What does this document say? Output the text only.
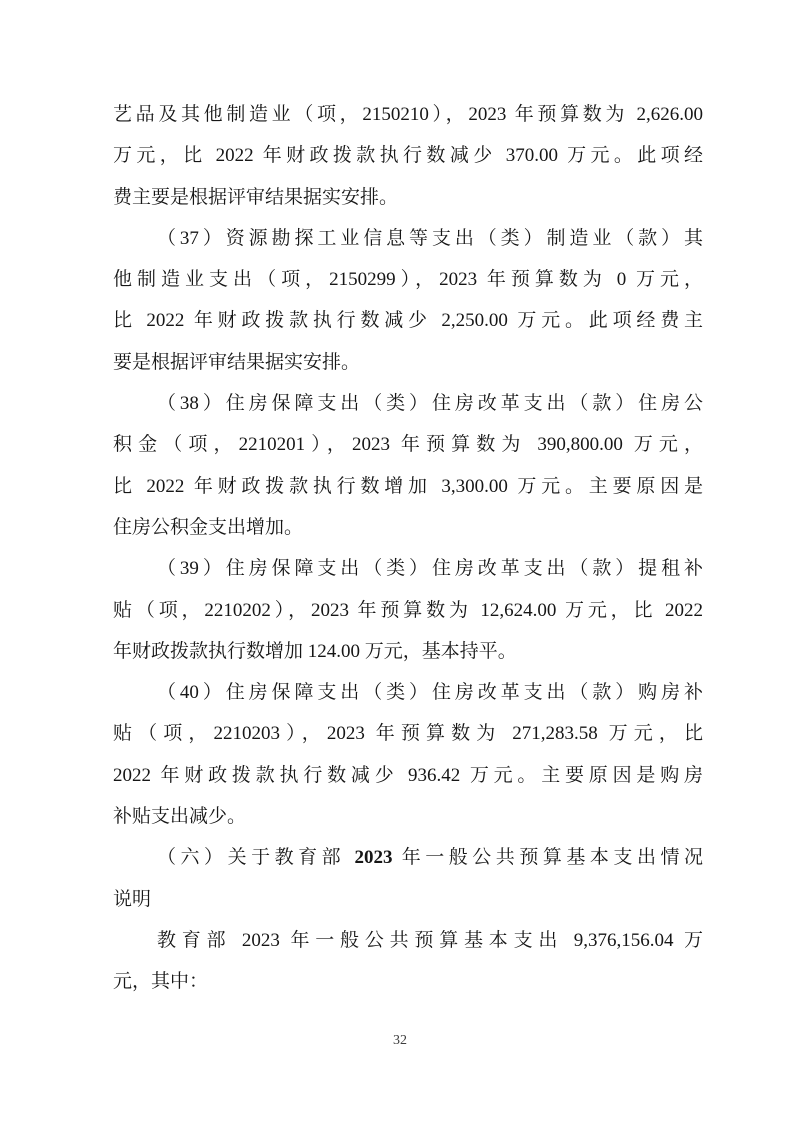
艺品及其他制造业（项，2150210），2023 年预算数为 2,626.00
万元，比 2022 年财政拨款执行数减少 370.00 万元。此项经
费主要是根据评审结果据实安排。

（37）资源勘探工业信息等支出（类）制造业（款）其
他制造业支出（项，2150299），2023 年预算数为 0 万元，
比 2022 年财政拨款执行数减少 2,250.00 万元。此项经费主
要是根据评审结果据实安排。

（38）住房保障支出（类）住房改革支出（款）住房公
积金（项，2210201），2023 年预算数为 390,800.00 万元，
比 2022 年财政拨款执行数增加 3,300.00 万元。主要原因是
住房公积金支出增加。

（39）住房保障支出（类）住房改革支出（款）提租补
贴（项，2210202），2023 年预算数为 12,624.00 万元，比 2022
年财政拨款执行数增加 124.00 万元，基本持平。

（40）住房保障支出（类）住房改革支出（款）购房补
贴（项，2210203），2023 年预算数为 271,283.58 万元，比
2022 年财政拨款执行数减少 936.42 万元。主要原因是购房
补贴支出减少。

（六）关于教育部 2023 年一般公共预算基本支出情况
说明

教育部 2023 年一般公共预算基本支出 9,376,156.04 万
元，其中：

32
